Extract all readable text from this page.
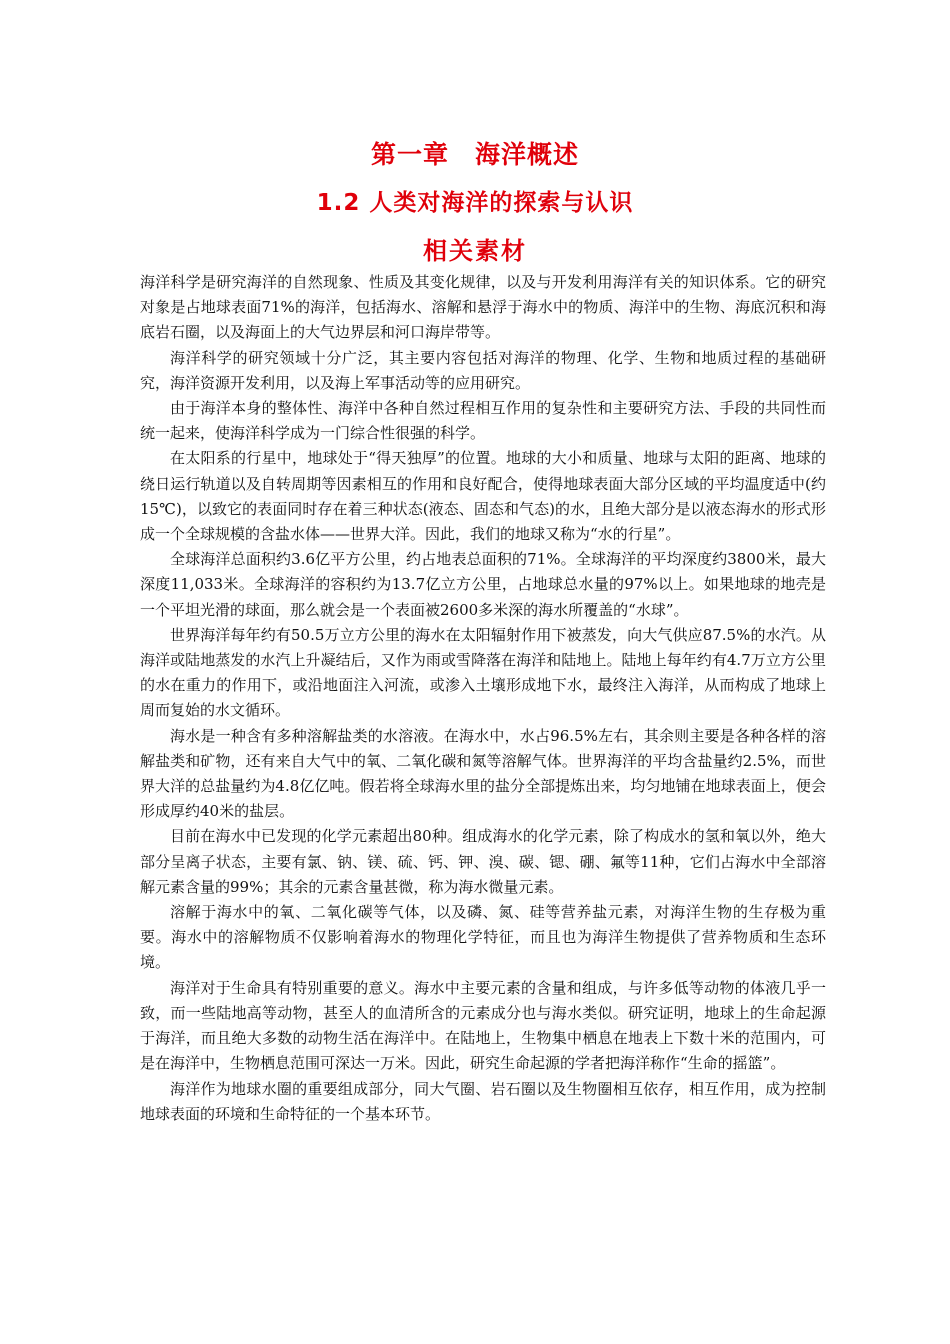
第一章　海洋概述
1.2 人类对海洋的探索与认识
相关素材

海洋科学是研究海洋的自然现象、性质及其变化规律，以及与开发利用海洋有关的知识体系。它的研究对象是占地球表面71%的海洋，包括海水、溶解和悬浮于海水中的物质、海洋中的生物、海底沉积和海底岩石圈，以及海面上的大气边界层和河口海岸带等。

海洋科学的研究领域十分广泛，其主要内容包括对海洋的物理、化学、生物和地质过程的基础研究，海洋资源开发利用，以及海上军事活动等的应用研究。

由于海洋本身的整体性、海洋中各种自然过程相互作用的复杂性和主要研究方法、手段的共同性而统一起来，使海洋科学成为一门综合性很强的科学。

在太阳系的行星中，地球处于“得天独厚”的位置。地球的大小和质量、地球与太阳的距离、地球的绕日运行轨道以及自转周期等因素相互的作用和良好配合，使得地球表面大部分区域的平均温度适中(约15℃)，以致它的表面同时存在着三种状态(液态、固态和气态)的水，且绝大部分是以液态海水的形式形成一个全球规模的含盐水体——世界大洋。因此，我们的地球又称为“水的行星”。

全球海洋总面积约3.6亿平方公里，约占地表总面积的71%。全球海洋的平均深度约3800米，最大深度11,033米。全球海洋的容积约为13.7亿立方公里，占地球总水量的97%以上。如果地球的地壳是一个平坦光滑的球面，那么就会是一个表面被2600多米深的海水所覆盖的“水球”。

世界海洋每年约有50.5万立方公里的海水在太阳辐射作用下被蒸发，向大气供应87.5%的水汽。从海洋或陆地蒸发的水汽上升凝结后，又作为雨或雪降落在海洋和陆地上。陆地上每年约有4.7万立方公里的水在重力的作用下，或沿地面注入河流，或渗入土壤形成地下水，最终注入海洋，从而构成了地球上周而复始的水文循环。

海水是一种含有多种溶解盐类的水溶液。在海水中，水占96.5%左右，其余则主要是各种各样的溶解盐类和矿物，还有来自大气中的氧、二氧化碳和氮等溶解气体。世界海洋的平均含盐量约2.5%，而世界大洋的总盐量约为4.8亿亿吨。假若将全球海水里的盐分全部提炼出来，均匀地铺在地球表面上，便会形成厚约40米的盐层。

目前在海水中已发现的化学元素超出80种。组成海水的化学元素，除了构成水的氢和氧以外，绝大部分呈离子状态，主要有氯、钠、镁、硫、钙、钾、溴、碳、锶、硼、氟等11种，它们占海水中全部溶解元素含量的99%；其余的元素含量甚微，称为海水微量元素。

溶解于海水中的氧、二氧化碳等气体，以及磷、氮、硅等营养盐元素，对海洋生物的生存极为重要。海水中的溶解物质不仅影响着海水的物理化学特征，而且也为海洋生物提供了营养物质和生态环境。

海洋对于生命具有特别重要的意义。海水中主要元素的含量和组成，与许多低等动物的体液几乎一致，而一些陆地高等动物，甚至人的血清所含的元素成分也与海水类似。研究证明，地球上的生命起源于海洋，而且绝大多数的动物生活在海洋中。在陆地上，生物集中栖息在地表上下数十米的范围内，可是在海洋中，生物栖息范围可深达一万米。因此，研究生命起源的学者把海洋称作“生命的摇篮”。

海洋作为地球水圈的重要组成部分，同大气圈、岩石圈以及生物圈相互依存，相互作用，成为控制地球表面的环境和生命特征的一个基本环节。
